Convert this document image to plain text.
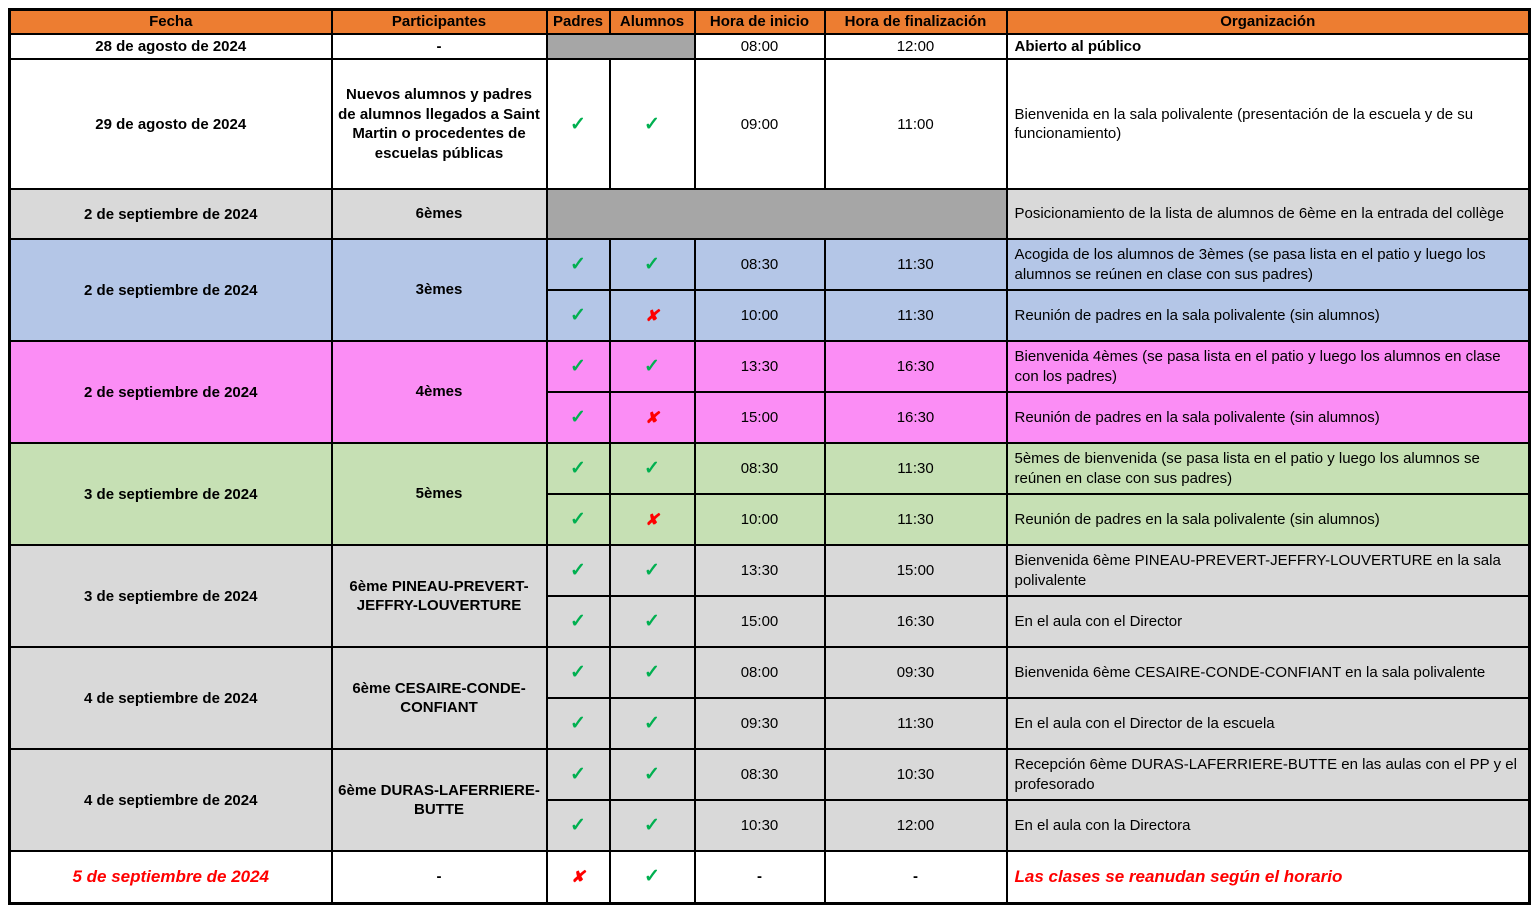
Fecha	Participantes	Padres	Alumnos	Hora de inicio	Hora de finalización	Organización
28 de agosto de 2024	-			08:00	12:00	Abierto al público
29 de agosto de 2024	Nuevos alumnos y padres de alumnos llegados a Saint Martin o procedentes de escuelas públicas	✓	✓	09:00	11:00	Bienvenida en la sala polivalente (presentación de la escuela y de su funcionamiento)
2 de septiembre de 2024	6èmes					Posicionamiento de la lista de alumnos de 6ème en la entrada del collège
2 de septiembre de 2024	3èmes	✓	✓	08:30	11:30	Acogida de los alumnos de 3èmes (se pasa lista en el patio y luego los alumnos se reúnen en clase con sus padres)
		✓	✘	10:00	11:30	Reunión de padres en la sala polivalente (sin alumnos)
2 de septiembre de 2024	4èmes	✓	✓	13:30	16:30	Bienvenida 4èmes (se pasa lista en el patio y luego los alumnos en clase con los padres)
		✓	✘	15:00	16:30	Reunión de padres en la sala polivalente (sin alumnos)
3 de septiembre de 2024	5èmes	✓	✓	08:30	11:30	5èmes de bienvenida (se pasa lista en el patio y luego los alumnos se reúnen en clase con sus padres)
		✓	✘	10:00	11:30	Reunión de padres en la sala polivalente (sin alumnos)
3 de septiembre de 2024	6ème PINEAU-PREVERT-JEFFRY-LOUVERTURE	✓	✓	13:30	15:00	Bienvenida 6ème PINEAU-PREVERT-JEFFRY-LOUVERTURE en la sala polivalente
		✓	✓	15:00	16:30	En el aula con el Director
4 de septiembre de 2024	6ème CESAIRE-CONDE-CONFIANT	✓	✓	08:00	09:30	Bienvenida 6ème CESAIRE-CONDE-CONFIANT en la sala polivalente
		✓	✓	09:30	11:30	En el aula con el Director de la escuela
4 de septiembre de 2024	6ème DURAS-LAFERRIERE-BUTTE	✓	✓	08:30	10:30	Recepción 6ème DURAS-LAFERRIERE-BUTTE en las aulas con el PP y el profesorado
		✓	✓	10:30	12:00	En el aula con la Directora
5 de septiembre de 2024	-	✘	✓	-	-	Las clases se reanudan según el horario
